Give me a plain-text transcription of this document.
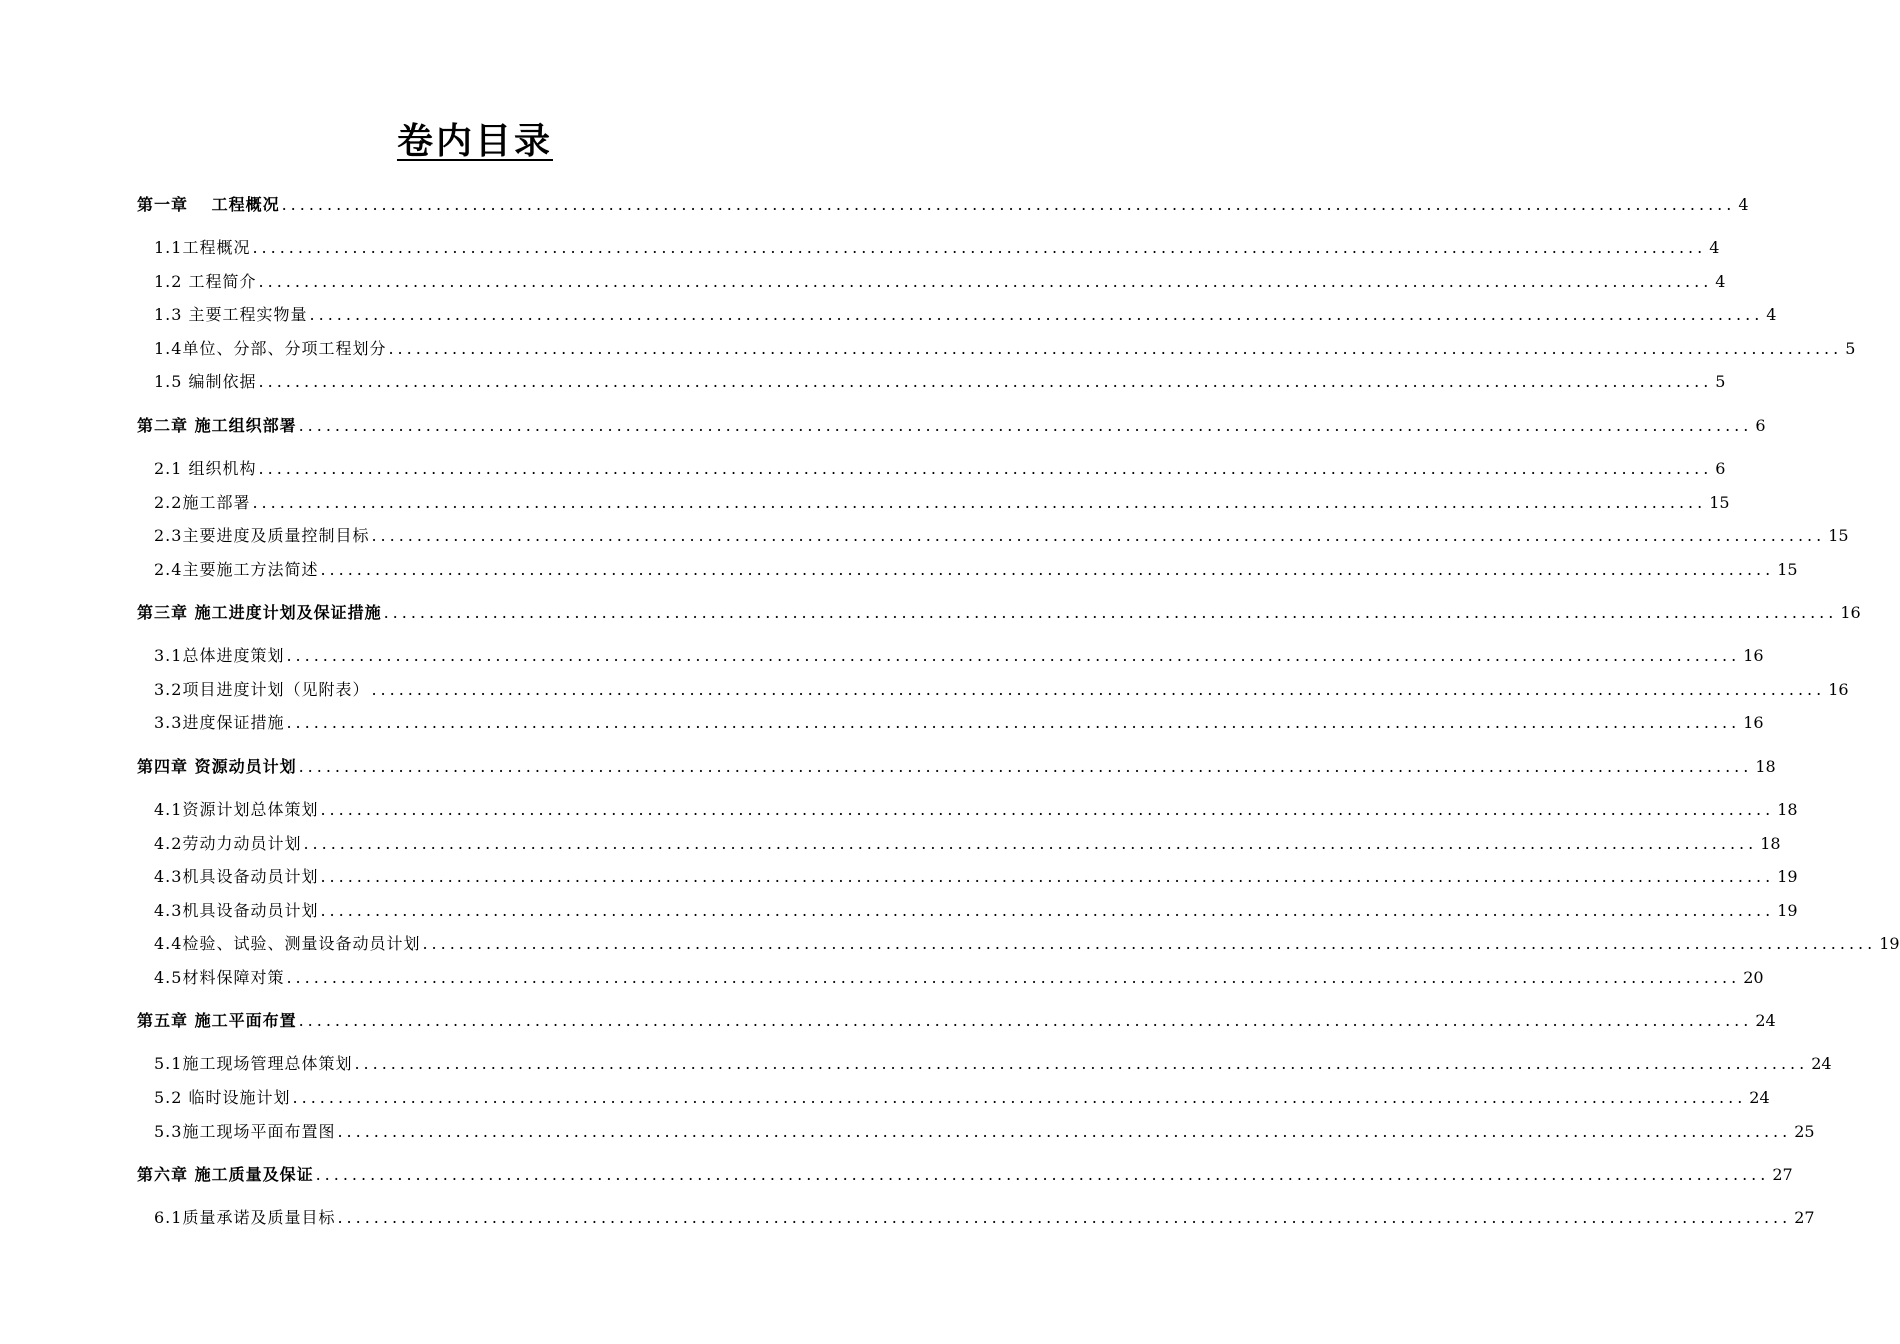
卷内目录
第一章　 工程概况 ................................................................................................................................................................ 4
1.1工程概况 ................................................................................................................................................................ 4
1.2 工程简介 ................................................................................................................................................................ 4
1.3 主要工程实物量 ................................................................................................................................................................ 4
1.4单位、分部、分项工程划分 ................................................................................................................................................................ 5
1.5 编制依据 ................................................................................................................................................................ 5
第二章 施工组织部署 ................................................................................................................................................................ 6
2.1 组织机构 ................................................................................................................................................................ 6
2.2施工部署 ................................................................................................................................................................ 15
2.3主要进度及质量控制目标 ................................................................................................................................................................ 15
2.4主要施工方法简述 ................................................................................................................................................................ 15
第三章 施工进度计划及保证措施 ................................................................................................................................................................ 16
3.1总体进度策划 ................................................................................................................................................................ 16
3.2项目进度计划（见附表） ................................................................................................................................................................ 16
3.3进度保证措施 ................................................................................................................................................................ 16
第四章 资源动员计划 ................................................................................................................................................................ 18
4.1资源计划总体策划 ................................................................................................................................................................ 18
4.2劳动力动员计划 ................................................................................................................................................................ 18
4.3机具设备动员计划 ................................................................................................................................................................ 19
4.3机具设备动员计划 ................................................................................................................................................................ 19
4.4检验、试验、测量设备动员计划 ................................................................................................................................................................ 19
4.5材料保障对策 ................................................................................................................................................................ 20
第五章 施工平面布置 ................................................................................................................................................................ 24
5.1施工现场管理总体策划 ................................................................................................................................................................ 24
5.2 临时设施计划 ................................................................................................................................................................ 24
5.3施工现场平面布置图 ................................................................................................................................................................ 25
第六章 施工质量及保证 ................................................................................................................................................................ 27
6.1质量承诺及质量目标 ................................................................................................................................................................ 27
